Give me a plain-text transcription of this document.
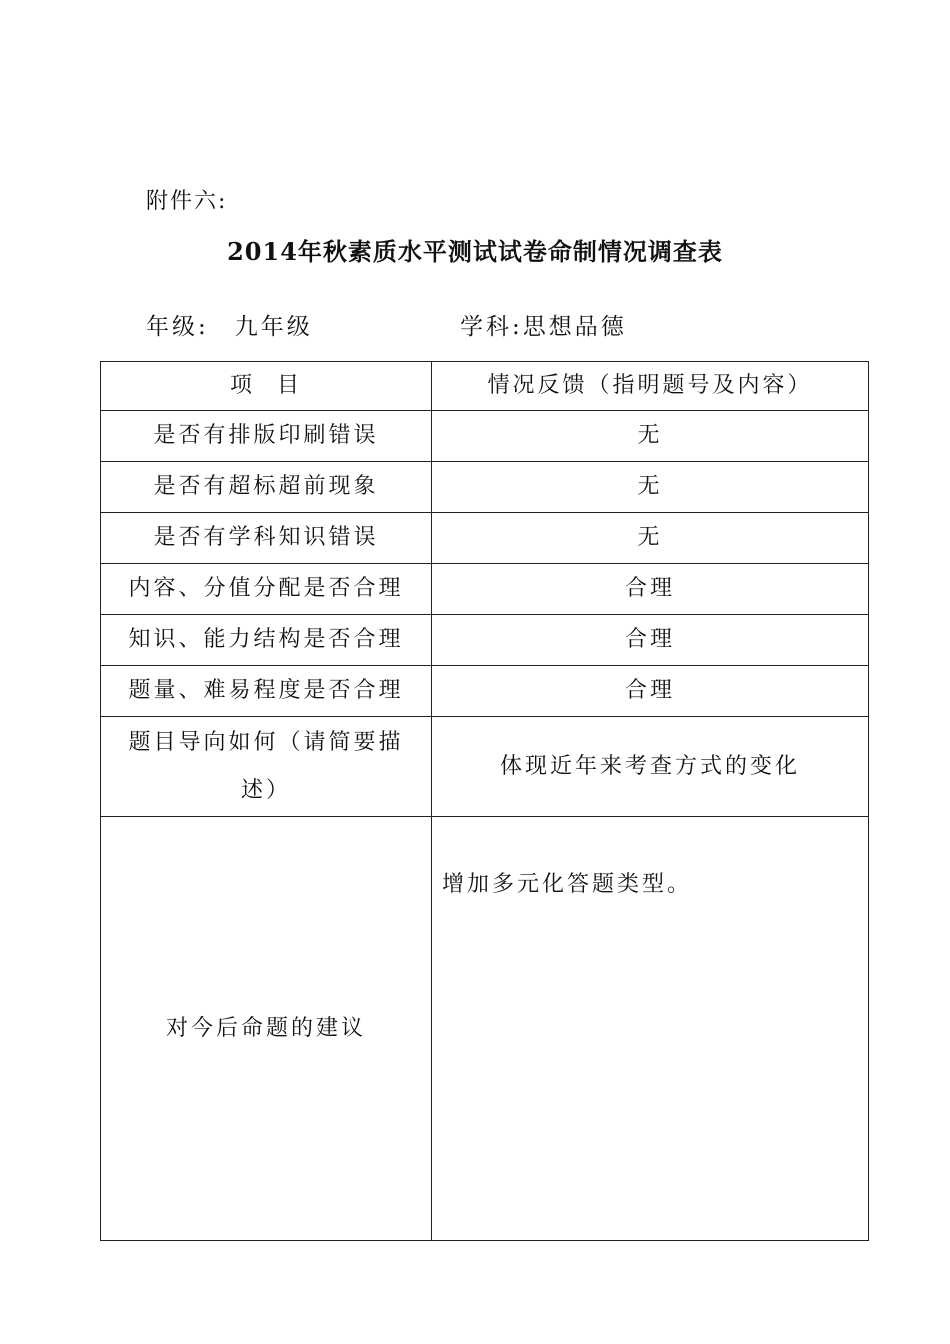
附件六:
2014年秋素质水平测试试卷命制情况调查表
年级: 九年级	学科:思想品德
项 目	情况反馈（指明题号及内容）
是否有排版印刷错误	无
是否有超标超前现象	无
是否有学科知识错误	无
内容、分值分配是否合理	合理
知识、能力结构是否合理	合理
题量、难易程度是否合理	合理
题目导向如何（请简要描述）	体现近年来考查方式的变化
对今后命题的建议	增加多元化答题类型。
